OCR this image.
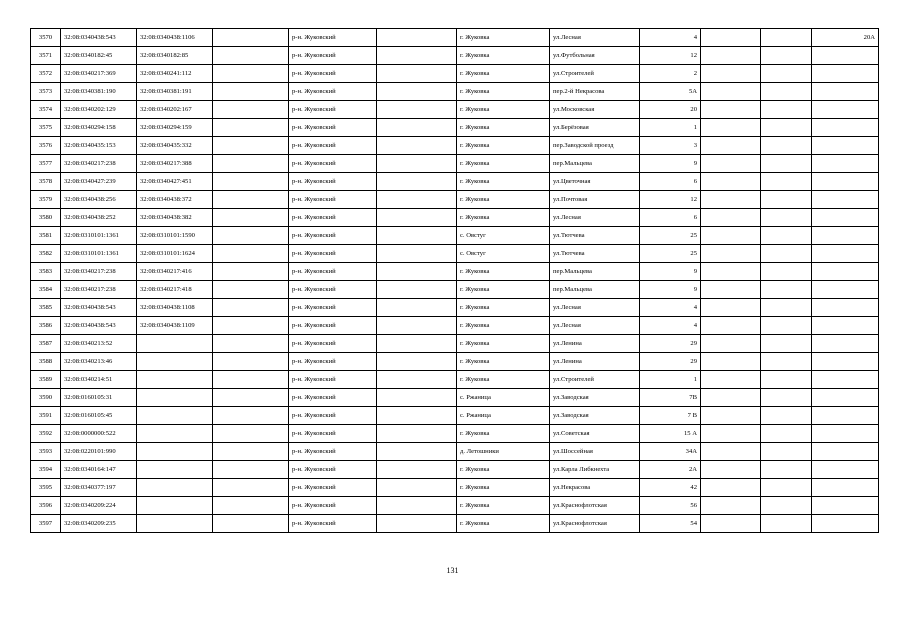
3570	32:08:0340438:543	32:08:0340438:1106		р-н. Жуковский		г. Жуковка	ул.Лесная	4			20А
3571	32:08:0340182:45	32:08:0340182:85		р-н. Жуковский		г. Жуковка	ул.Футбольная	12			
3572	32:08:0340217:369	32:08:0340241:112		р-н. Жуковский		г. Жуковка	ул.Строителей	2			
3573	32:08:0340381:190	32:08:0340381:191		р-н. Жуковский		г. Жуковка	пер.2-й Некрасова	5А			
3574	32:08:0340202:129	32:08:0340202:167		р-н. Жуковский		г. Жуковка	ул.Московская	20			
3575	32:08:0340294:158	32:08:0340294:159		р-н. Жуковский		г. Жуковка	ул.Берёзовая	1			
3576	32:08:0340435:153	32:08:0340435:332		р-н. Жуковский		г. Жуковка	пер.Заводской проезд	3			
3577	32:08:0340217:238	32:08:0340217:388		р-н. Жуковский		г. Жуковка	пер.Мальцева	9			
3578	32:08:0340427:239	32:08:0340427:451		р-н. Жуковский		г. Жуковка	ул.Цветочная	6			
3579	32:08:0340438:256	32:08:0340438:372		р-н. Жуковский		г. Жуковка	ул.Почтовая	12			
3580	32:08:0340438:252	32:08:0340438:382		р-н. Жуковский		г. Жуковка	ул.Лесная	6			
3581	32:08:0310101:1361	32:08:0310101:1590		р-н. Жуковский		с. Овстуг	ул.Тютчева	25			
3582	32:08:0310101:1361	32:08:0310101:1624		р-н. Жуковский		с. Овстуг	ул.Тютчева	25			
3583	32:08:0340217:238	32:08:0340217:416		р-н. Жуковский		г. Жуковка	пер.Мальцева	9			
3584	32:08:0340217:238	32:08:0340217:418		р-н. Жуковский		г. Жуковка	пер.Мальцева	9			
3585	32:08:0340438:543	32:08:0340438:1108		р-н. Жуковский		г. Жуковка	ул.Лесная	4			
3586	32:08:0340438:543	32:08:0340438:1109		р-н. Жуковский		г. Жуковка	ул.Лесная	4			
3587	32:08:0340213:52			р-н. Жуковский		г. Жуковка	ул.Ленина	29			
3588	32:08:0340213:46			р-н. Жуковский		г. Жуковка	ул.Ленина	29			
3589	32:08:0340214:51			р-н. Жуковский		г. Жуковка	ул.Строителей	1			
3590	32:08:0160105:31			р-н. Жуковский		с. Ржаница	ул.Заводская	7В			
3591	32:08:0160105:45			р-н. Жуковский		с. Ржаница	ул.Заводская	7 В			
3592	32:08:0000000:522			р-н. Жуковский		г. Жуковка	ул.Советская	15 А			
3593	32:08:0220101:990			р-н. Жуковский		д. Летошники	ул.Шоссейная	34А			
3594	32:08:0340164:147			р-н. Жуковский		г. Жуковка	ул.Карла Либкнехта	2А			
3595	32:08:0340377:197			р-н. Жуковский		г. Жуковка	ул.Некрасова	42			
3596	32:08:0340209:224			р-н. Жуковский		г. Жуковка	ул.Краснофлотская	56			
3597	32:08:0340209:235			р-н. Жуковский		г. Жуковка	ул.Краснофлотская	54			
131
